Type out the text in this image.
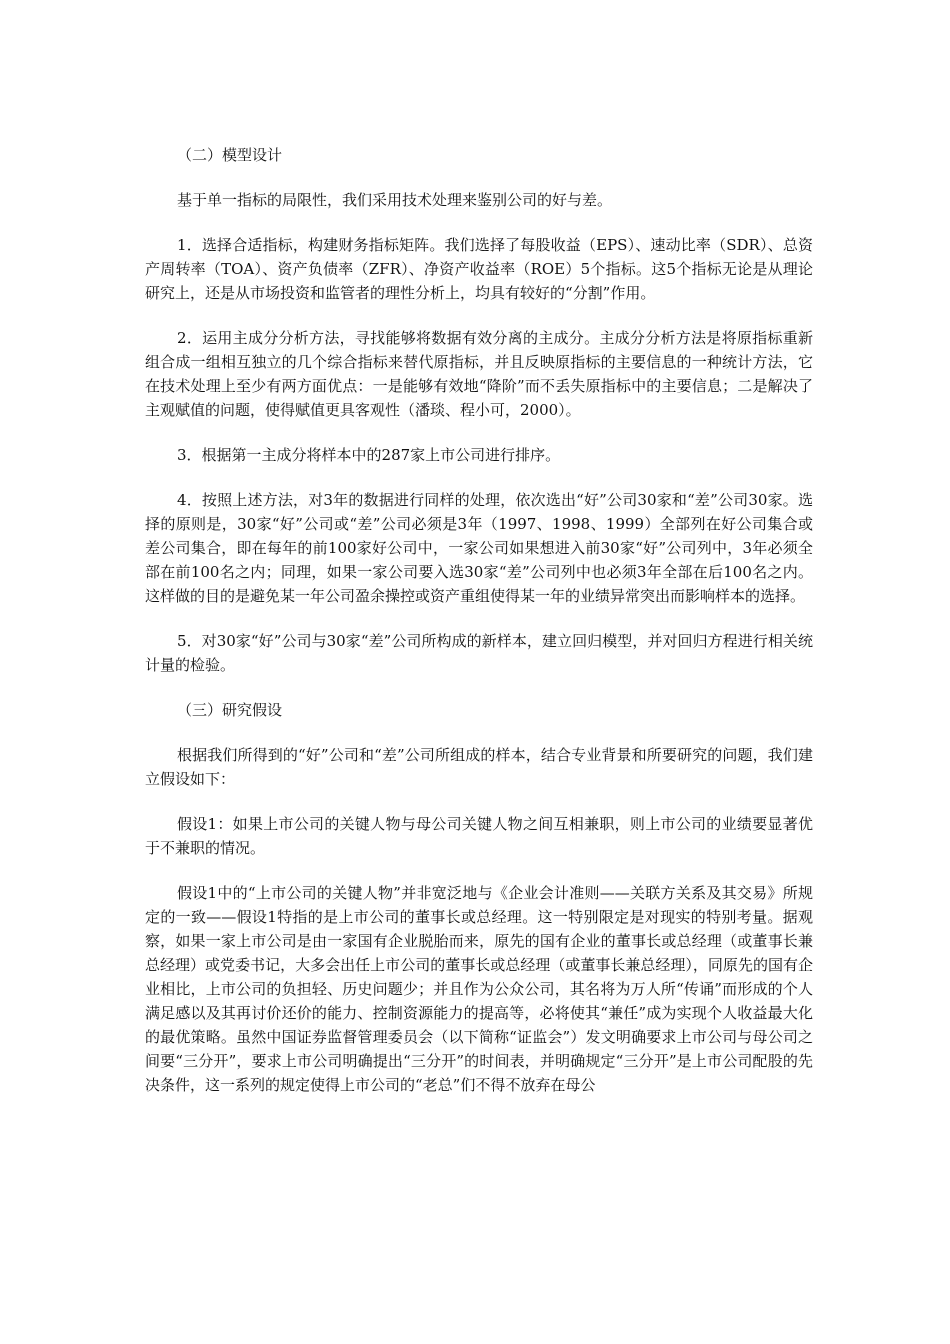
（二）模型设计

基于单一指标的局限性，我们采用技术处理来鉴别公司的好与差。

1．选择合适指标，构建财务指标矩阵。我们选择了每股收益（EPS）、速动比率（SDR）、总资产周转率（TOA）、资产负债率（ZFR）、净资产收益率（ROE）5个指标。这5个指标无论是从理论研究上，还是从市场投资和监管者的理性分析上，均具有较好的“分割”作用。

2．运用主成分分析方法，寻找能够将数据有效分离的主成分。主成分分析方法是将原指标重新组合成一组相互独立的几个综合指标来替代原指标，并且反映原指标的主要信息的一种统计方法，它在技术处理上至少有两方面优点：一是能够有效地“降阶”而不丢失原指标中的主要信息；二是解决了主观赋值的问题，使得赋值更具客观性（潘琰、程小可，2000）。

3．根据第一主成分将样本中的287家上市公司进行排序。

4．按照上述方法，对3年的数据进行同样的处理，依次选出“好”公司30家和“差”公司30家。选择的原则是，30家“好”公司或“差”公司必须是3年（1997、1998、1999）全部列在好公司集合或差公司集合，即在每年的前100家好公司中，一家公司如果想进入前30家“好”公司列中，3年必须全部在前100名之内；同理，如果一家公司要入选30家“差”公司列中也必须3年全部在后100名之内。这样做的目的是避免某一年公司盈余操控或资产重组使得某一年的业绩异常突出而影响样本的选择。

5．对30家“好”公司与30家“差”公司所构成的新样本，建立回归模型，并对回归方程进行相关统计量的检验。

（三）研究假设

根据我们所得到的“好”公司和“差”公司所组成的样本，结合专业背景和所要研究的问题，我们建立假设如下：

假设1：如果上市公司的关键人物与母公司关键人物之间互相兼职，则上市公司的业绩要显著优于不兼职的情况。

假设1中的“上市公司的关键人物”并非宽泛地与《企业会计准则——关联方关系及其交易》所规定的一致——假设1特指的是上市公司的董事长或总经理。这一特别限定是对现实的特别考量。据观察，如果一家上市公司是由一家国有企业脱胎而来，原先的国有企业的董事长或总经理（或董事长兼总经理）或党委书记，大多会出任上市公司的董事长或总经理（或董事长兼总经理），同原先的国有企业相比，上市公司的负担轻、历史问题少；并且作为公众公司，其名将为万人所“传诵”而形成的个人满足感以及其再讨价还价的能力、控制资源能力的提高等，必将使其“兼任”成为实现个人收益最大化的最优策略。虽然中国证券监督管理委员会（以下简称“证监会”）发文明确要求上市公司与母公司之间要“三分开”，要求上市公司明确提出“三分开”的时间表，并明确规定“三分开”是上市公司配股的先决条件，这一系列的规定使得上市公司的“老总”们不得不放弃在母公
